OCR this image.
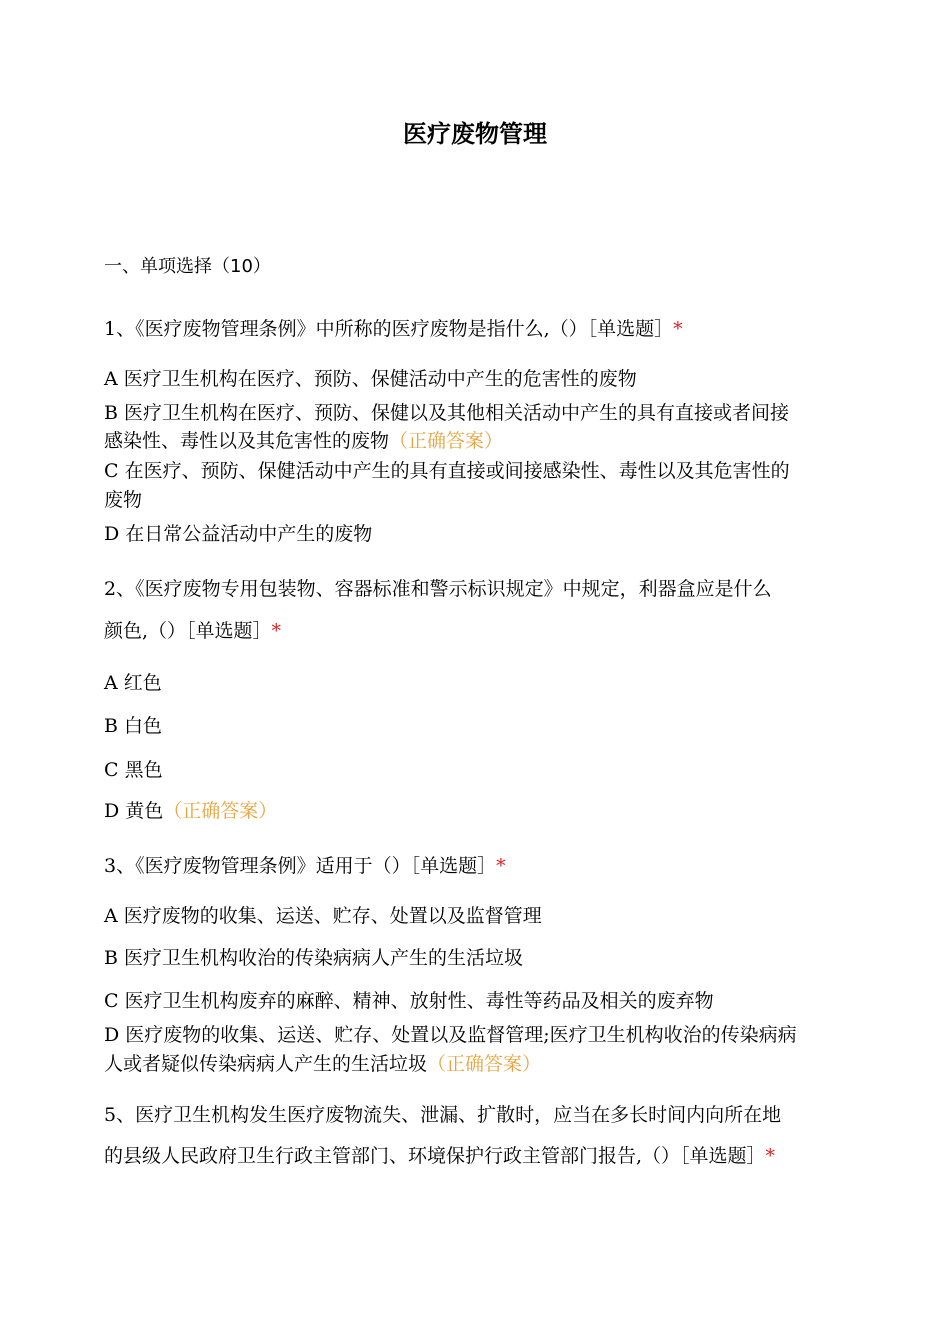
医疗废物管理
一、单项选择（10）
1、《医疗废物管理条例》中所称的医疗废物是指什么,（）［单选题］*
A 医疗卫生机构在医疗、预防、保健活动中产生的危害性的废物
B 医疗卫生机构在医疗、预防、保健以及其他相关活动中产生的具有直接或者间接
感染性、毒性以及其危害性的废物（正确答案）
C 在医疗、预防、保健活动中产生的具有直接或间接感染性、毒性以及其危害性的
废物
D 在日常公益活动中产生的废物
2、《医疗废物专用包装物、容器标准和警示标识规定》中规定，利器盒应是什么
颜色,（）［单选题］*
A 红色
B 白色
C 黑色
D 黄色（正确答案）
3、《医疗废物管理条例》适用于（）［单选题］*
A 医疗废物的收集、运送、贮存、处置以及监督管理
B 医疗卫生机构收治的传染病病人产生的生活垃圾
C 医疗卫生机构废弃的麻醉、精神、放射性、毒性等药品及相关的废弃物
D 医疗废物的收集、运送、贮存、处置以及监督管理;医疗卫生机构收治的传染病病
人或者疑似传染病病人产生的生活垃圾（正确答案）
5、医疗卫生机构发生医疗废物流失、泄漏、扩散时，应当在多长时间内向所在地
的县级人民政府卫生行政主管部门、环境保护行政主管部门报告,（）［单选题］*
